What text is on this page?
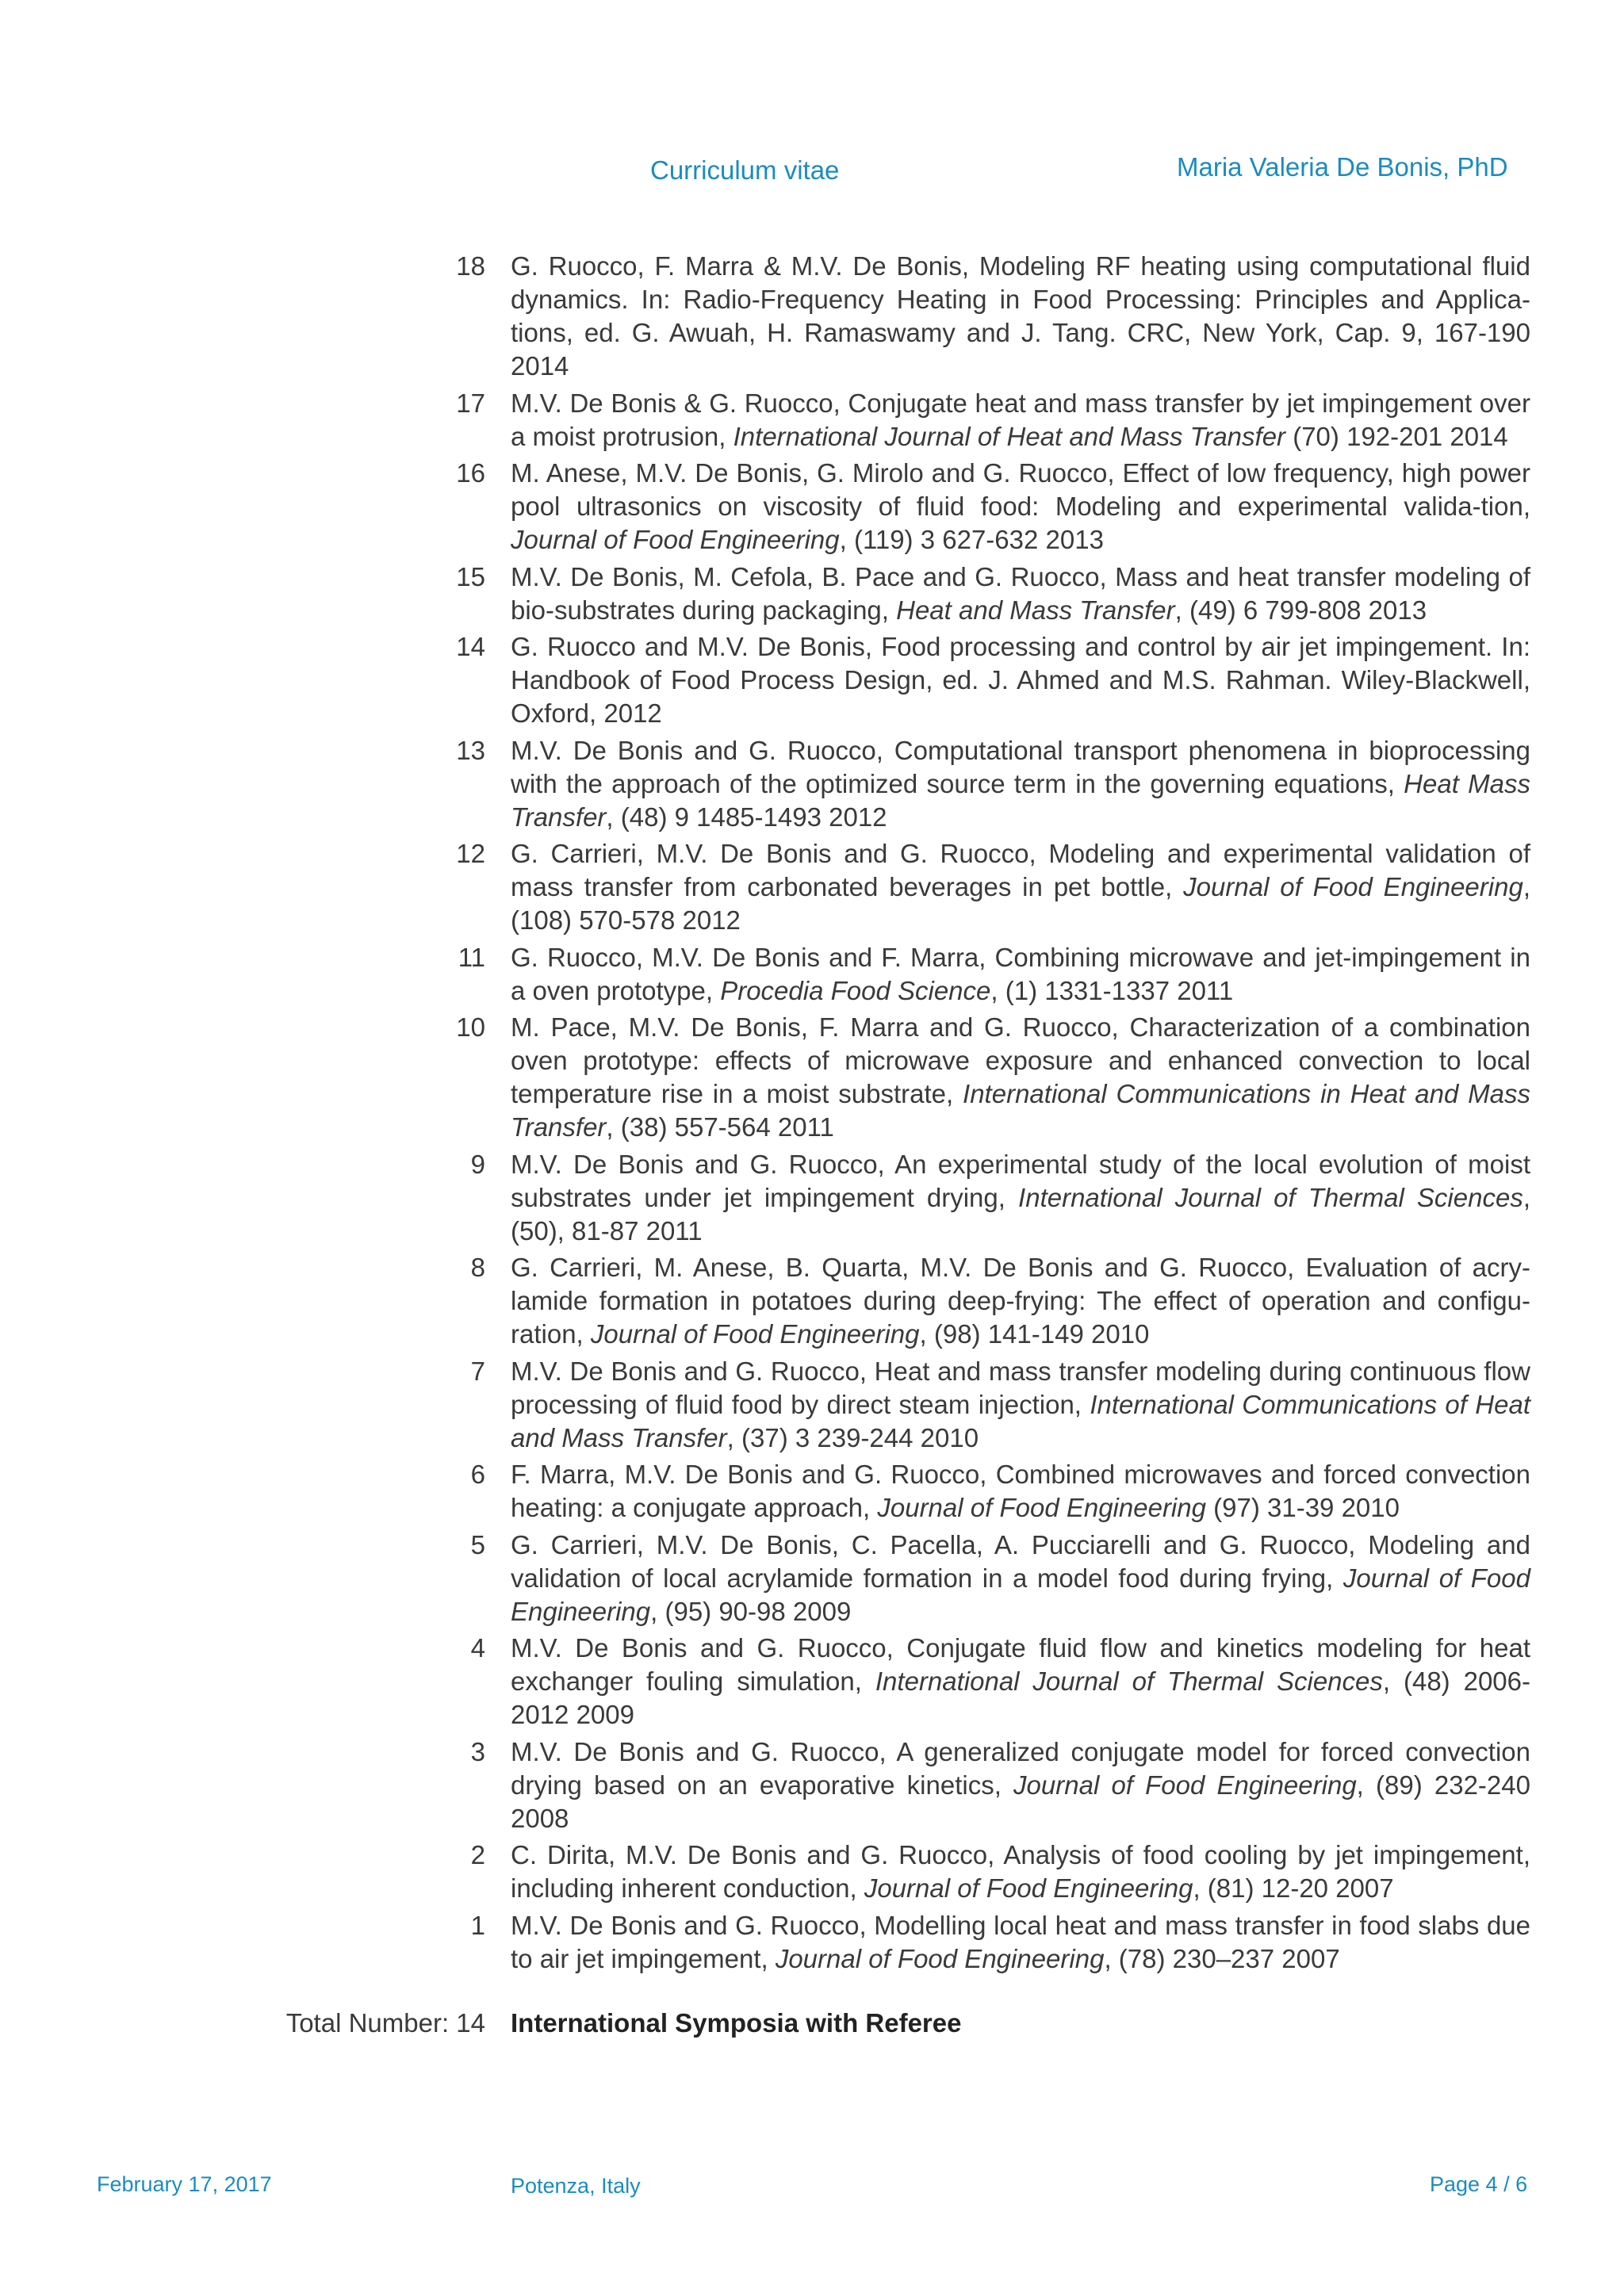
Curriculum vitae	Maria Valeria De Bonis, PhD
18 G. Ruocco, F. Marra & M.V. De Bonis, Modeling RF heating using computational fluid dynamics. In: Radio-Frequency Heating in Food Processing: Principles and Applica-tions, ed. G. Awuah, H. Ramaswamy and J. Tang. CRC, New York, Cap. 9, 167-190 2014
17 M.V. De Bonis & G. Ruocco, Conjugate heat and mass transfer by jet impingement over a moist protrusion, International Journal of Heat and Mass Transfer (70) 192-201 2014
16 M. Anese, M.V. De Bonis, G. Mirolo and G. Ruocco, Effect of low frequency, high power pool ultrasonics on viscosity of fluid food: Modeling and experimental valida-tion, Journal of Food Engineering, (119) 3 627-632 2013
15 M.V. De Bonis, M. Cefola, B. Pace and G. Ruocco, Mass and heat transfer modeling of bio-substrates during packaging, Heat and Mass Transfer, (49) 6 799-808 2013
14 G. Ruocco and M.V. De Bonis, Food processing and control by air jet impingement. In: Handbook of Food Process Design, ed. J. Ahmed and M.S. Rahman. Wiley-Blackwell, Oxford, 2012
13 M.V. De Bonis and G. Ruocco, Computational transport phenomena in bioprocessing with the approach of the optimized source term in the governing equations, Heat Mass Transfer, (48) 9 1485-1493 2012
12 G. Carrieri, M.V. De Bonis and G. Ruocco, Modeling and experimental validation of mass transfer from carbonated beverages in pet bottle, Journal of Food Engineering, (108) 570-578 2012
11 G. Ruocco, M.V. De Bonis and F. Marra, Combining microwave and jet-impingement in a oven prototype, Procedia Food Science, (1) 1331-1337 2011
10 M. Pace, M.V. De Bonis, F. Marra and G. Ruocco, Characterization of a combination oven prototype: effects of microwave exposure and enhanced convection to local temperature rise in a moist substrate, International Communications in Heat and Mass Transfer, (38) 557-564 2011
9 M.V. De Bonis and G. Ruocco, An experimental study of the local evolution of moist substrates under jet impingement drying, International Journal of Thermal Sciences, (50), 81-87 2011
8 G. Carrieri, M. Anese, B. Quarta, M.V. De Bonis and G. Ruocco, Evaluation of acry-lamide formation in potatoes during deep-frying: The effect of operation and configu-ration, Journal of Food Engineering, (98) 141-149 2010
7 M.V. De Bonis and G. Ruocco, Heat and mass transfer modeling during continuous flow processing of fluid food by direct steam injection, International Communications of Heat and Mass Transfer, (37) 3 239-244 2010
6 F. Marra, M.V. De Bonis and G. Ruocco, Combined microwaves and forced convection heating: a conjugate approach, Journal of Food Engineering (97) 31-39 2010
5 G. Carrieri, M.V. De Bonis, C. Pacella, A. Pucciarelli and G. Ruocco, Modeling and validation of local acrylamide formation in a model food during frying, Journal of Food Engineering, (95) 90-98 2009
4 M.V. De Bonis and G. Ruocco, Conjugate fluid flow and kinetics modeling for heat exchanger fouling simulation, International Journal of Thermal Sciences, (48) 2006-2012 2009
3 M.V. De Bonis and G. Ruocco, A generalized conjugate model for forced convection drying based on an evaporative kinetics, Journal of Food Engineering, (89) 232-240 2008
2 C. Dirita, M.V. De Bonis and G. Ruocco, Analysis of food cooling by jet impingement, including inherent conduction, Journal of Food Engineering, (81) 12-20 2007
1 M.V. De Bonis and G. Ruocco, Modelling local heat and mass transfer in food slabs due to air jet impingement, Journal of Food Engineering, (78) 230–237 2007
Total Number: 14 International Symposia with Referee
February 17, 2017	Potenza, Italy	Page 4 / 6
